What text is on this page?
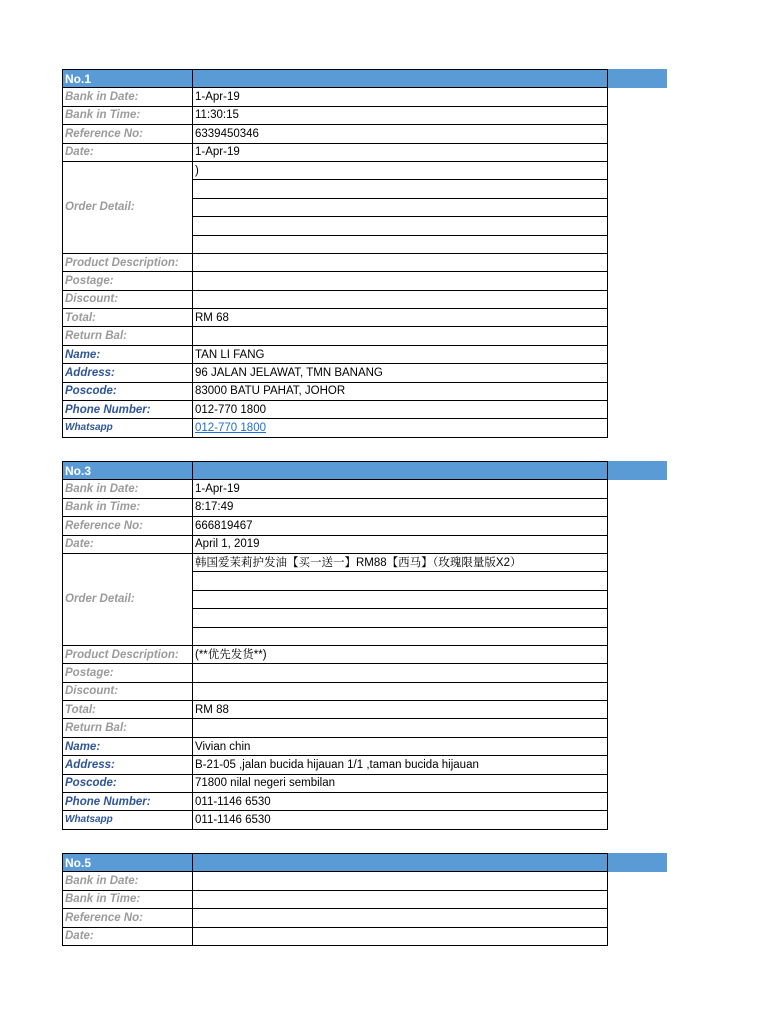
No.1	
Bank in Date:	1-Apr-19
Bank in Time:	11:30:15
Reference No:	6339450346
Date:	1-Apr-19
Order Detail:	)

Product Description:	
Postage:	
Discount:	
Total:	RM 68
Return Bal:	
Name:	TAN LI FANG
Address:	96 JALAN JELAWAT, TMN BANANG
Poscode:	83000 BATU PAHAT, JOHOR
Phone Number:	012-770 1800
Whatsapp	012-770 1800
No.3	
Bank in Date:	1-Apr-19
Bank in Time:	8:17:49
Reference No:	666819467
Date:	April 1, 2019
Order Detail:	韩国爱茉莉护发油【买一送一】RM88【西马】（玫瑰限量版X2）

Product Description:	(**优先发货**)
Postage:	
Discount:	
Total:	RM 88
Return Bal:	
Name:	Vivian chin
Address:	B-21-05 ,jalan bucida hijauan 1/1 ,taman bucida hijauan
Poscode:	71800 nilal negeri sembilan
Phone Number:	011-1146 6530
Whatsapp	011-1146 6530
No.5	
Bank in Date:	
Bank in Time:	
Reference No:	
Date:	
